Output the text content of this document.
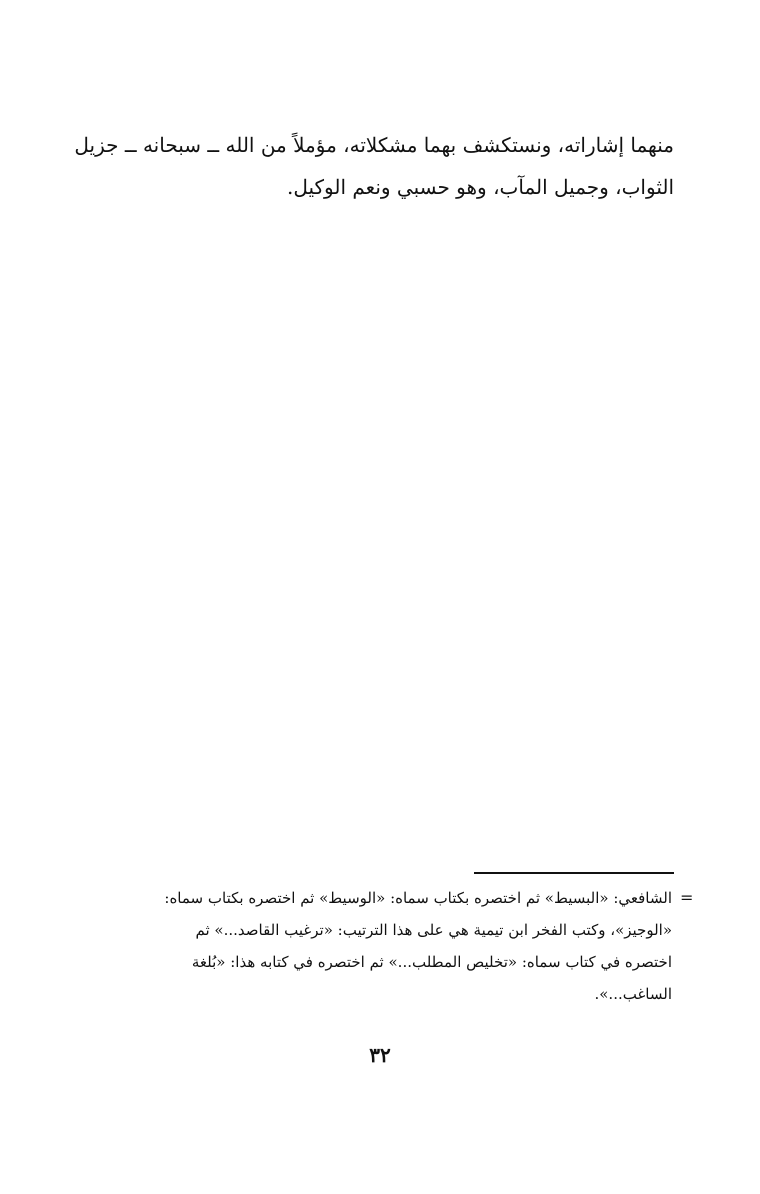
منهما إشاراته، ونستكشف بهما مشكلاته، مؤملاً من الله ــ سبحانه ــ جزيل
الثواب، وجميل المآب، وهو حسبي ونعم الوكيل.

=

الشافعي: «البسيط» ثم اختصره بكتاب سماه: «الوسيط» ثم اختصره بكتاب سماه:
«الوجيز»، وكتب الفخر ابن تيمية هي على هذا الترتيب: «ترغيب القاصد...» ثم
اختصره في كتاب سماه: «تخليص المطلب...» ثم اختصره في كتابه هذا: «بُلغة
الساغب...».

٣٢
